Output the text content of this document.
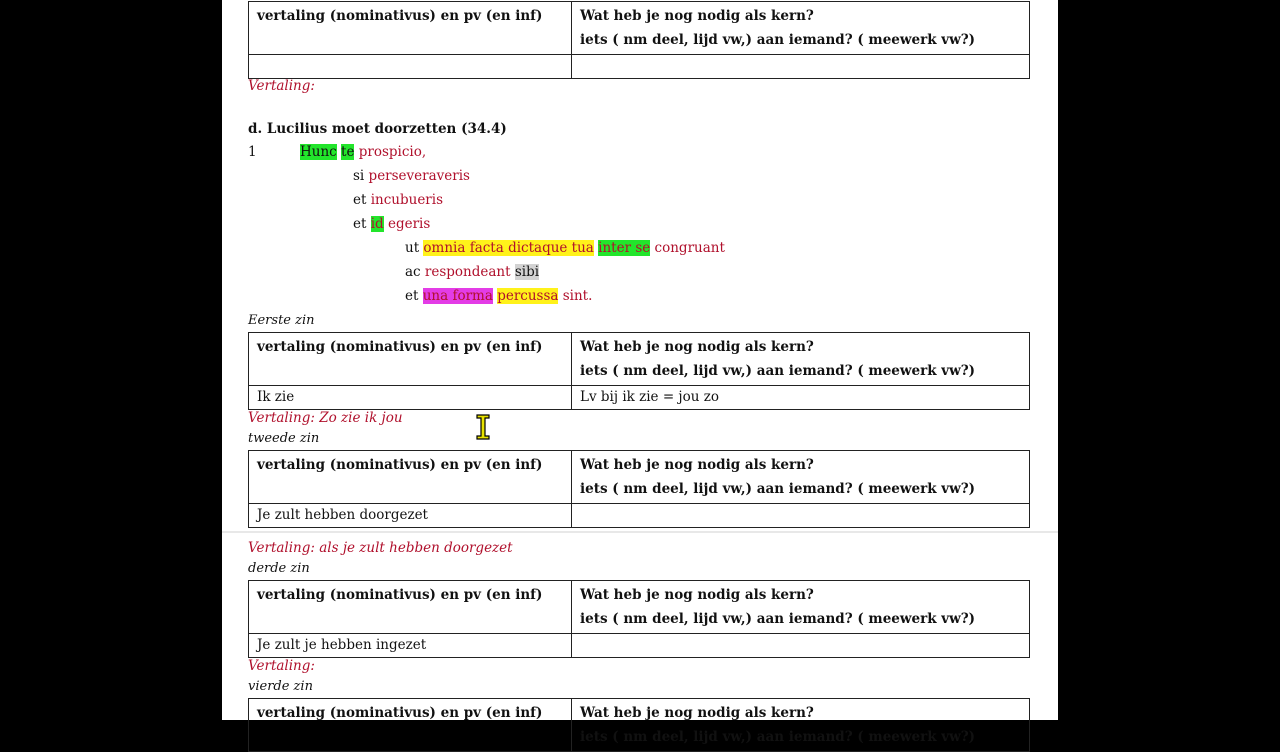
vertaling (nominativus) en pv (en inf)	Wat heb je nog nodig als kern?
iets ( nm deel, lijd vw,) aan iemand? ( meewerk vw?)

Vertaling:
d. Lucilius moet doorzetten (34.4)
1	Hunc te prospicio,
si perseveraveris
et incubueris
et id egeris
ut omnia facta dictaque tua inter se congruant
ac respondeant sibi
et una forma percussa sint.
Eerste zin
vertaling (nominativus) en pv (en inf)	Wat heb je nog nodig als kern?
iets ( nm deel, lijd vw,) aan iemand? ( meewerk vw?)

Ik zie	Lv bij ik zie = jou zo
Vertaling: Zo zie ik jou
tweede zin
vertaling (nominativus) en pv (en inf)	Wat heb je nog nodig als kern?
iets ( nm deel, lijd vw,) aan iemand? ( meewerk vw?)

Je zult hebben doorgezet	
Vertaling: als je zult hebben doorgezet
derde zin
vertaling (nominativus) en pv (en inf)	Wat heb je nog nodig als kern?
iets ( nm deel, lijd vw,) aan iemand? ( meewerk vw?)

Je zult je hebben ingezet	
Vertaling:
vierde zin
vertaling (nominativus) en pv (en inf)	Wat heb je nog nodig als kern?
iets ( nm deel, lijd vw,) aan iemand? ( meewerk vw?)
